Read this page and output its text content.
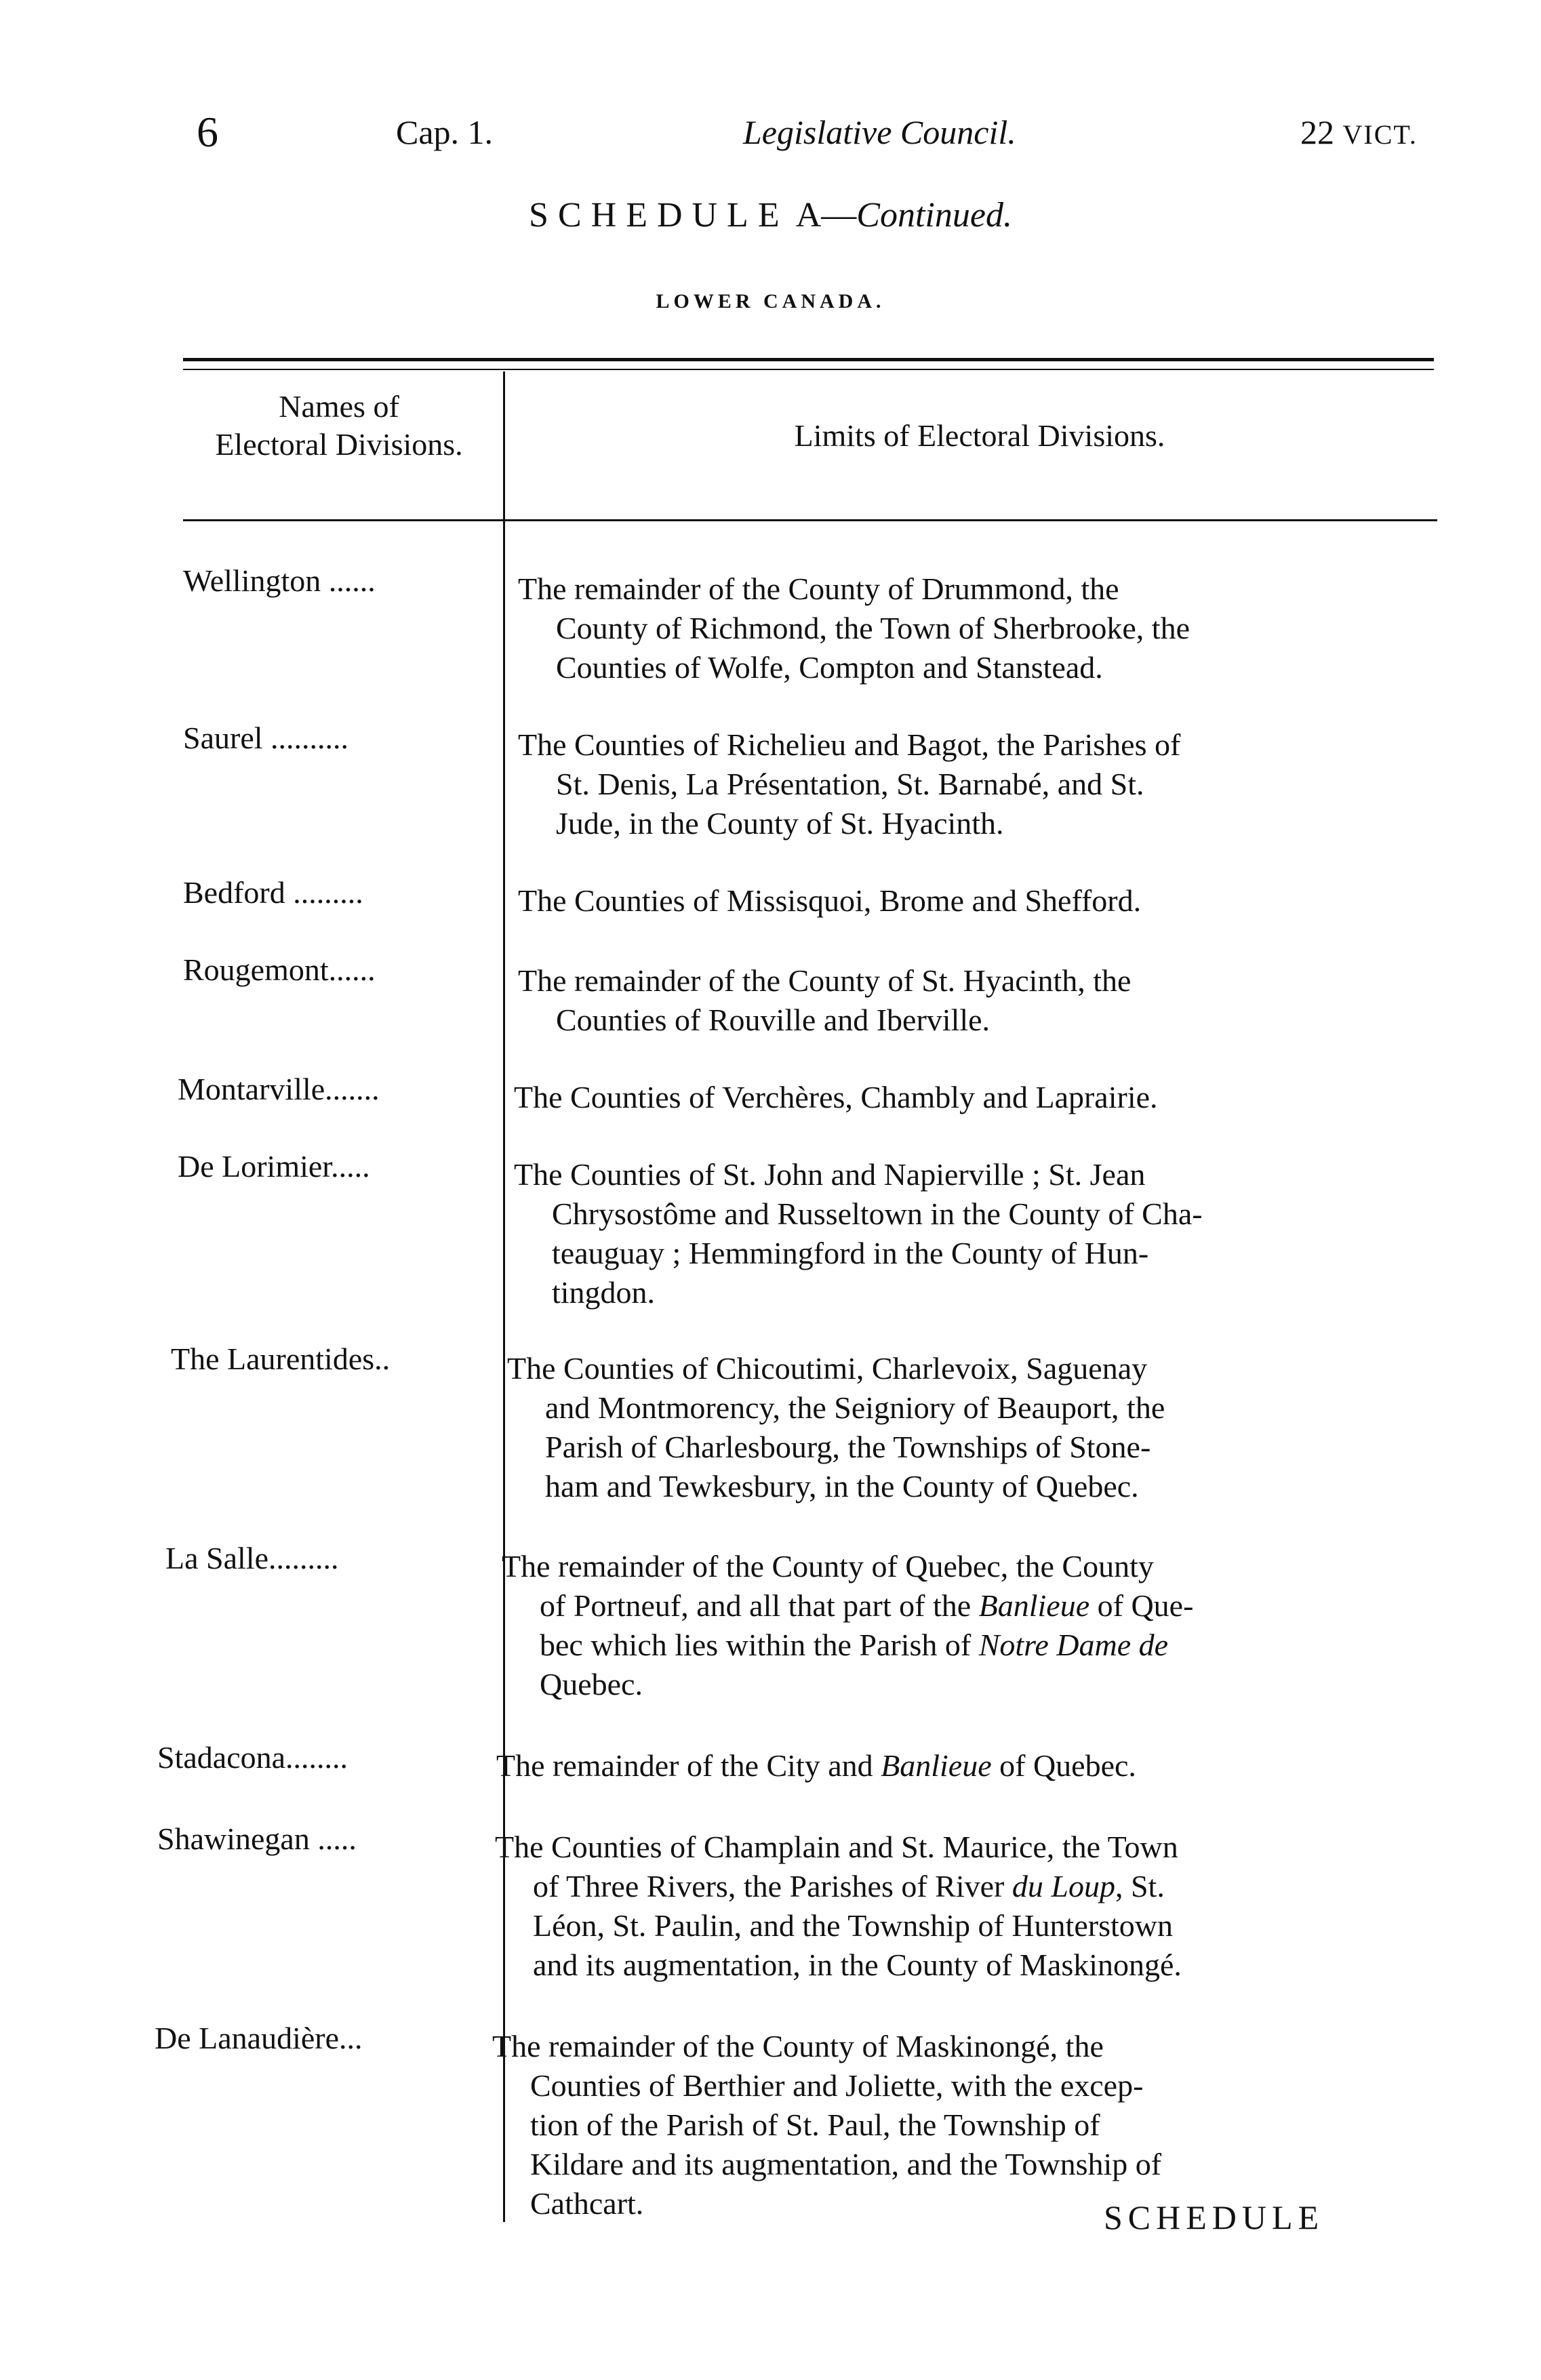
6	Cap. 1.	Legislative Council.	22 VICT.
SCHEDULE A—Continued.
LOWER CANADA.
Names of
Electoral Divisions.	Limits of Electoral Divisions.
Wellington ......	The remainder of the County of Drummond, the
County of Richmond, the Town of Sherbrooke, the
Counties of Wolfe, Compton and Stanstead.
Saurel ..........	The Counties of Richelieu and Bagot, the Parishes of
St. Denis, La Présentation, St. Barnabé, and St.
Jude, in the County of St. Hyacinth.
Bedford .........	The Counties of Missisquoi, Brome and Shefford.
Rougemont......	The remainder of the County of St. Hyacinth, the
Counties of Rouville and Iberville.
Montarville.......	The Counties of Verchères, Chambly and Laprairie.
De Lorimier.....	The Counties of St. John and Napierville ; St. Jean
Chrysostôme and Russeltown in the County of Cha-
teauguay ; Hemmingford in the County of Hun-
tingdon.
The Laurentides..	The Counties of Chicoutimi, Charlevoix, Saguenay
and Montmorency, the Seigniory of Beauport, the
Parish of Charlesbourg, the Townships of Stone-
ham and Tewkesbury, in the County of Quebec.
La Salle.........	The remainder of the County of Quebec, the County
of Portneuf, and all that part of the Banlieue of Que-
bec which lies within the Parish of Notre Dame de
Quebec.
Stadacona........	The remainder of the City and Banlieue of Quebec.
Shawinegan .....	The Counties of Champlain and St. Maurice, the Town
of Three Rivers, the Parishes of River du Loup, St.
Léon, St. Paulin, and the Township of Hunterstown
and its augmentation, in the County of Maskinongé.
De Lanaudière...	The remainder of the County of Maskinongé, the
Counties of Berthier and Joliette, with the excep-
tion of the Parish of St. Paul, the Township of
Kildare and its augmentation, and the Township of
Cathcart.	SCHEDULE
